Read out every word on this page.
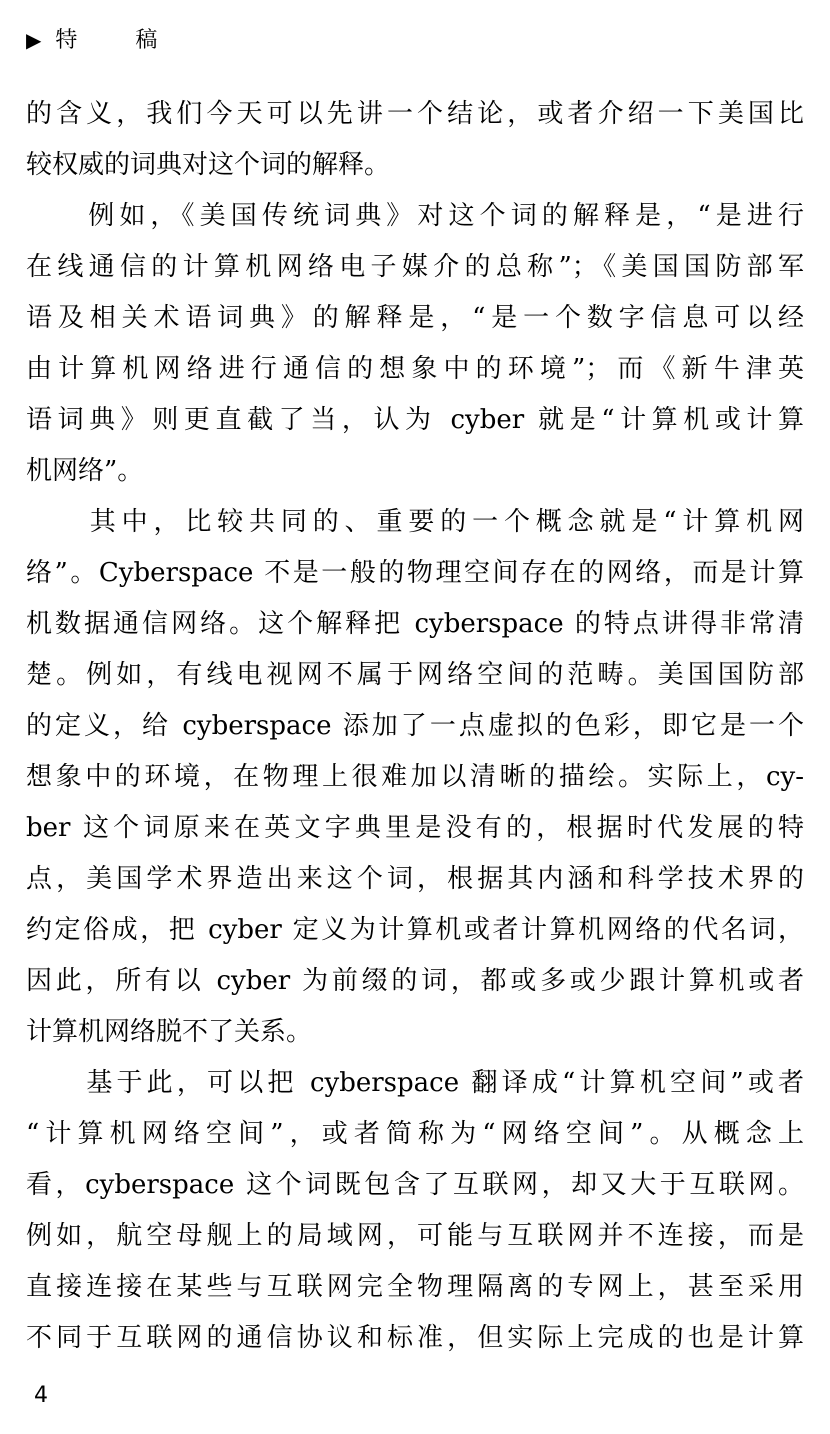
▶ 特稿
的含义，我们今天可以先讲一个结论，或者介绍一下美国比
较权威的词典对这个词的解释。
　　例如，《美国传统词典》对这个词的解释是，“是进行
在线通信的计算机网络电子媒介的总称”；《美国国防部军
语及相关术语词典》的解释是，“是一个数字信息可以经
由计算机网络进行通信的想象中的环境”；而《新牛津英
语词典》则更直截了当，认为 cyber 就是“计算机或计算
机网络”。
　　其中，比较共同的、重要的一个概念就是“计算机网
络”。Cyberspace 不是一般的物理空间存在的网络，而是计算
机数据通信网络。这个解释把 cyberspace 的特点讲得非常清
楚。例如，有线电视网不属于网络空间的范畴。美国国防部
的定义，给 cyberspace 添加了一点虚拟的色彩，即它是一个
想象中的环境，在物理上很难加以清晰的描绘。实际上，cy-
ber 这个词原来在英文字典里是没有的，根据时代发展的特
点，美国学术界造出来这个词，根据其内涵和科学技术界的
约定俗成，把 cyber 定义为计算机或者计算机网络的代名词，
因此，所有以 cyber 为前缀的词，都或多或少跟计算机或者
计算机网络脱不了关系。
　　基于此，可以把 cyberspace 翻译成“计算机空间”或者
“计算机网络空间”，或者简称为“网络空间”。从概念上
看，cyberspace 这个词既包含了互联网，却又大于互联网。
例如，航空母舰上的局域网，可能与互联网并不连接，而是
直接连接在某些与互联网完全物理隔离的专网上，甚至采用
不同于互联网的通信协议和标准，但实际上完成的也是计算
4
